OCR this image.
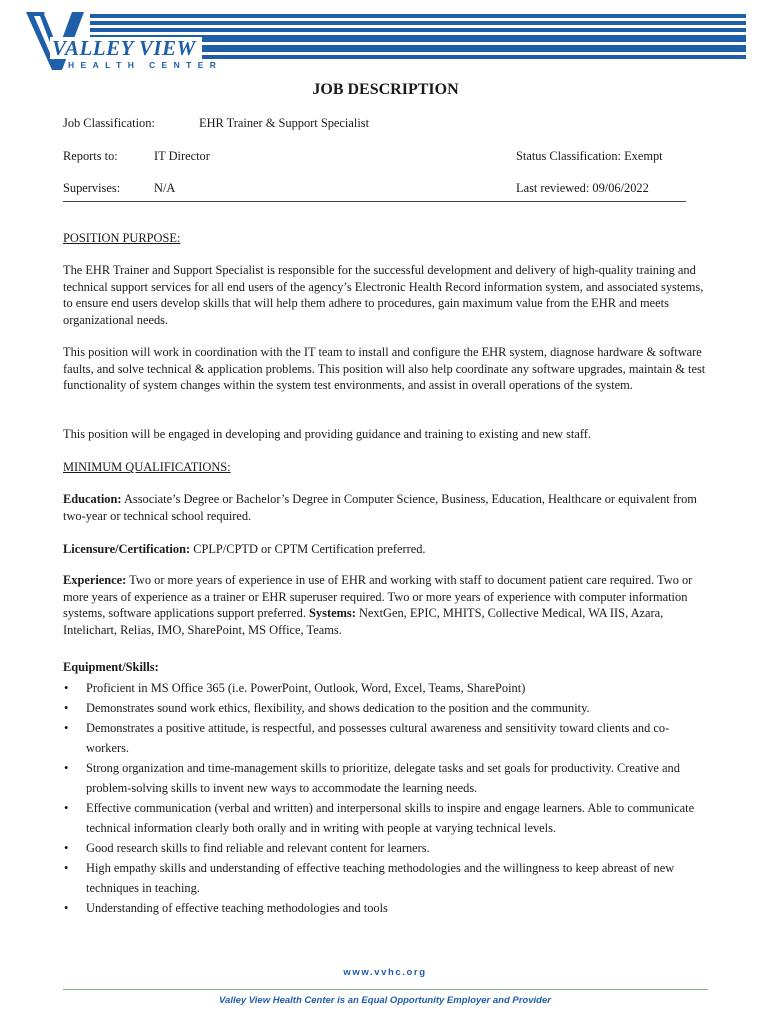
VALLEY VIEW
HEALTH CENTER
JOB DESCRIPTION
Job Classification:	EHR Trainer & Support Specialist
Reports to:	IT Director	Status Classification: Exempt
Supervises:	N/A	Last reviewed: 09/06/2022
POSITION PURPOSE:

The EHR Trainer and Support Specialist is responsible for the successful development and delivery of high-quality training and technical support services for all end users of the agency’s Electronic Health Record information system, and associated systems, to ensure end users develop skills that will help them adhere to procedures, gain maximum value from the EHR and meets organizational needs.

This position will work in coordination with the IT team to install and configure the EHR system, diagnose hardware & software faults, and solve technical & application problems. This position will also help coordinate any software upgrades, maintain & test functionality of system changes within the system test environments, and assist in overall operations of the system.

This position will be engaged in developing and providing guidance and training to existing and new staff.

MINIMUM QUALIFICATIONS:

Education: Associate’s Degree or Bachelor’s Degree in Computer Science, Business, Education, Healthcare or equivalent from two-year or technical school required.

Licensure/Certification: CPLP/CPTD or CPTM Certification preferred.

Experience: Two or more years of experience in use of EHR and working with staff to document patient care required. Two or more years of experience as a trainer or EHR superuser required. Two or more years of experience with computer information systems, software applications support preferred. Systems: NextGen, EPIC, MHITS, Collective Medical, WA IIS, Azara, Intelichart, Relias, IMO, SharePoint, MS Office, Teams.

Equipment/Skills:
• Proficient in MS Office 365 (i.e. PowerPoint, Outlook, Word, Excel, Teams, SharePoint)
• Demonstrates sound work ethics, flexibility, and shows dedication to the position and the community.
• Demonstrates a positive attitude, is respectful, and possesses cultural awareness and sensitivity toward clients and co-workers.
• Strong organization and time-management skills to prioritize, delegate tasks and set goals for productivity. Creative and problem-solving skills to invent new ways to accommodate the learning needs.
• Effective communication (verbal and written) and interpersonal skills to inspire and engage learners. Able to communicate technical information clearly both orally and in writing with people at varying technical levels.
• Good research skills to find reliable and relevant content for learners.
• High empathy skills and understanding of effective teaching methodologies and the willingness to keep abreast of new techniques in teaching.
• Understanding of effective teaching methodologies and tools
www.vvhc.org
Valley View Health Center is an Equal Opportunity Employer and Provider
